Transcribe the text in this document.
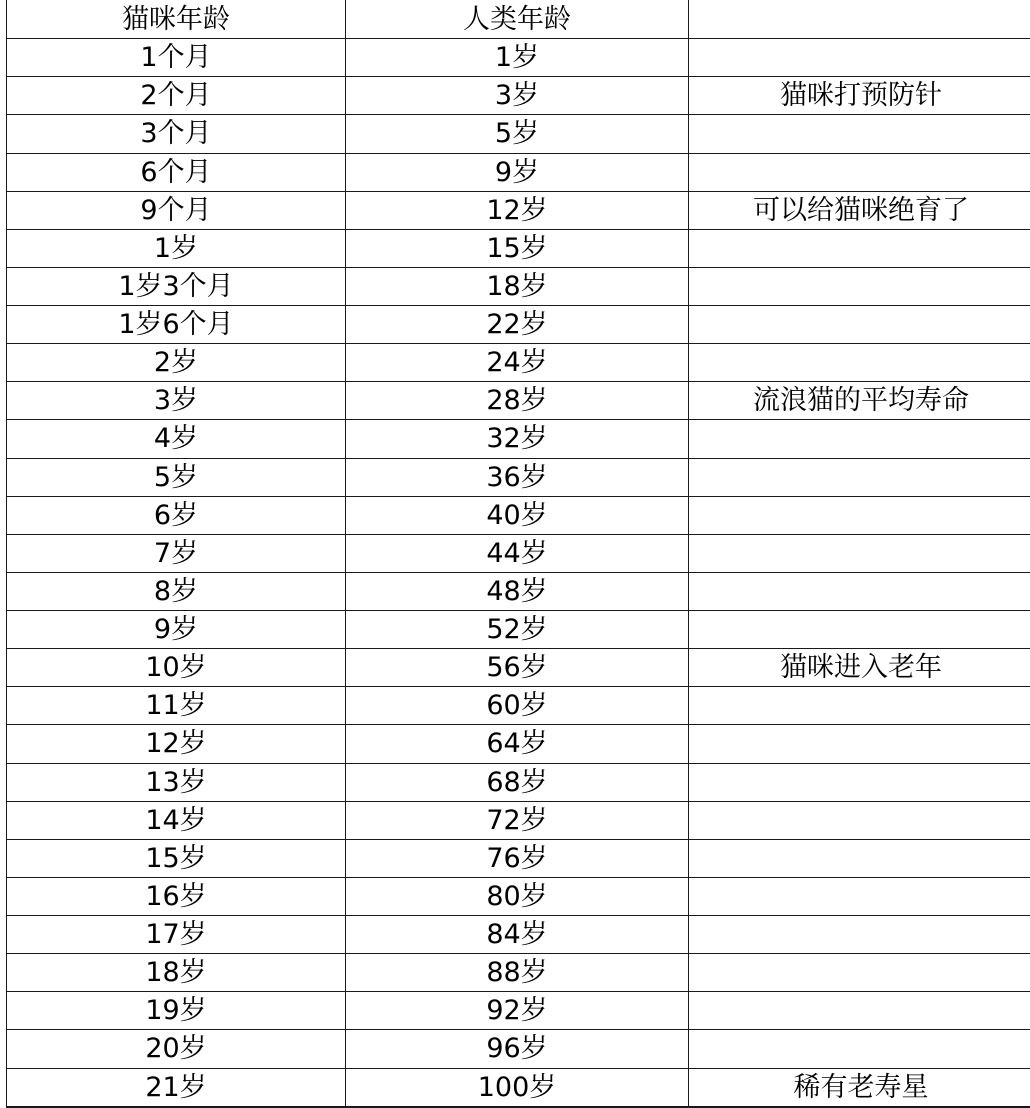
猫咪年龄	人类年龄	
1个月	1岁	
2个月	3岁	猫咪打预防针
3个月	5岁	
6个月	9岁	
9个月	12岁	可以给猫咪绝育了
1岁	15岁	
1岁3个月	18岁	
1岁6个月	22岁	
2岁	24岁	
3岁	28岁	流浪猫的平均寿命
4岁	32岁	
5岁	36岁	
6岁	40岁	
7岁	44岁	
8岁	48岁	
9岁	52岁	
10岁	56岁	猫咪进入老年
11岁	60岁	
12岁	64岁	
13岁	68岁	
14岁	72岁	
15岁	76岁	
16岁	80岁	
17岁	84岁	
18岁	88岁	
19岁	92岁	
20岁	96岁	
21岁	100岁	稀有老寿星
